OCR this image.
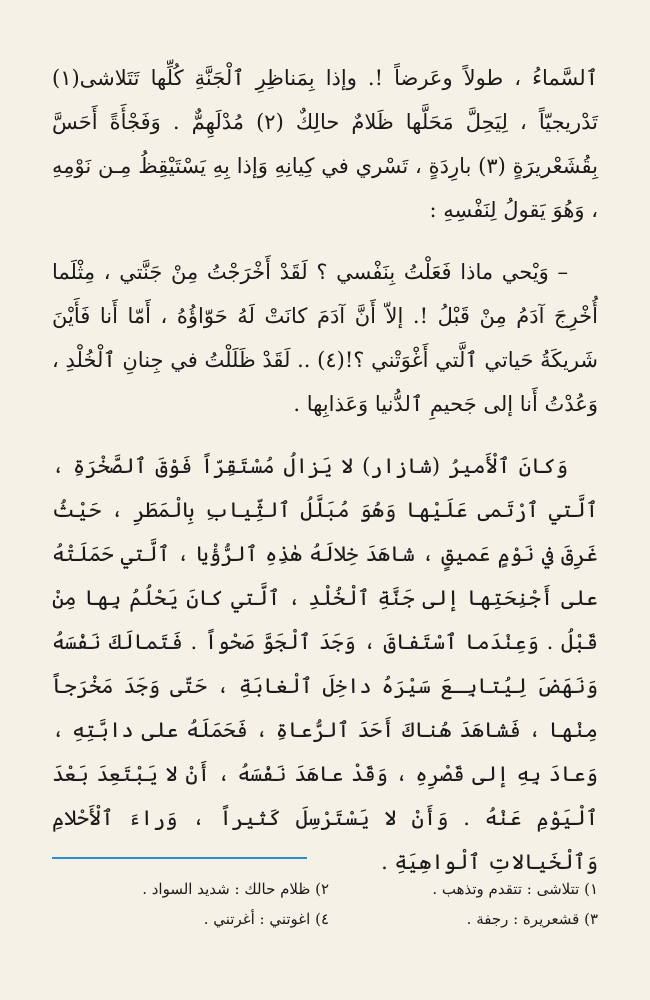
ٱلسَّماءُ ، طولاً وعَرضاً !. وإذا بِمَناظِرِ ٱلْجَنَّةِ كُلِّها تَتَلاشى(١) تَدْريجيّاً ، لِيَحِلَّ مَحَلَّها ظَلامٌ حالِكٌ (٢) مُدْلَهِمٌّ . وَفَجْأَةً أَحَسَّ بِقُشَعْريرَةٍ (٣) بارِدَةٍ ، تَسْري في كِيانِهِ وَإذا بِهِ يَسْتَيْقِظُ مِـن نَوْمِهِ ، وَهُوَ يَقولُ لِنَفْسِهِ :

– وَيْحي ماذا فَعَلْتُ بِنَفْسي ؟ لَقَدْ أَخْرَجْتُ مِنْ جَنَّتي ، مِثْلَما أُخْرِجَ آدَمُ مِنْ قَبْلُ !. إلاّ أَنَّ آدَمَ كانَتْ لَهُ حَوّاؤُهُ ، أَمّا أَنا فَأَيْنَ شَريكَةُ حَياتي ٱلَّتي أَغْوَتْني ؟!(٤) .. لَقَدْ ظَلَلْتُ في جِنانِ ٱلْخُلْدِ ، وَعُدْتُ أَنا إلى جَحيمِ ٱلدُّنيا وَعَذابِها .

وَكانَ ٱلْأَميرُ (شازار) لا يَزالُ مُسْتَقِرّاً فَوْقَ ٱلصَّخْرَةِ ، ٱلَّتي ٱرْتَمى عَلَيْها وَهُوَ مُبَلَّلُ ٱلثِّيابِ بِالْمَطَرِ ، حَيْثُ غَرِقَ في نَوْمٍ عَميقٍ ، شاهَدَ خِلالَهُ هٰذِهِ ٱلرُّؤْيا ، ٱلَّتي حَمَلَتْهُ على أَجْنِحَتِها إلى جَنَّةِ ٱلْخُلْدِ ، ٱلَّتي كانَ يَحْلُمُ بِها مِنْ قَبْلُ . وَعِنْدَما ٱسْتَفاقَ ، وَجَدَ ٱلْجَوَّ صَحْواً . فَتَمالَكَ نَفْسَهُ وَنَهَضَ لِيُتابِـعَ سَيْرَهُ داخِلَ ٱلْغابَةِ ، حَتّى وَجَدَ مَخْرَجاً مِنْها ، فَشاهَدَ هُناكَ أَحَدَ ٱلرُّعاةِ ، فَحَمَلَهُ على دابَّتِهِ ، وَعادَ بِهِ إلى قَصْرِهِ ، وَقَدْ عاهَدَ نَفْسَهُ ، أَنْ لا يَبْتَعِدَ بَعْدَ ٱلْيَوْمِ عَنْهُ . وَأَنْ لا يَسْتَرْسِلَ كَثيراً ، وَراءَ ٱلْأَحْلامِ وَٱلْخَيالاتِ ٱلْواهِيَةِ .

١) تتلاشى : تتقدم وتذهب .
٢) ظلام حالك : شديد السواد .
٣) قشعريرة : رجفة .
٤) اغوتني : أغرتني .
